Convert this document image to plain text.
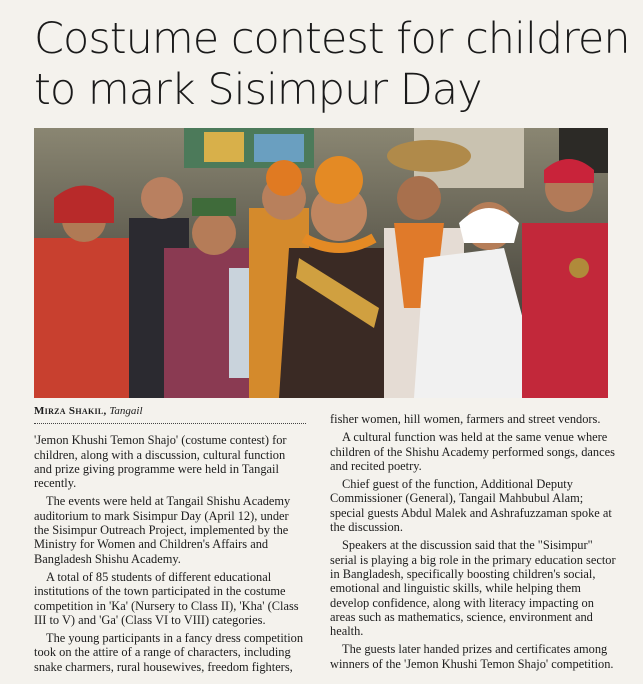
Costume contest for children
to mark Sisimpur Day
Mirza Shakil, Tangail

'Jemon Khushi Temon Shajo' (costume contest) for children, along with a discussion, cultural function and prize giving programme were held in Tangail recently.

The events were held at Tangail Shishu Academy auditorium to mark Sisimpur Day (April 12), under the Sisimpur Outreach Project, implemented by the Ministry for Women and Children's Affairs and Bangladesh Shishu Academy.

A total of 85 students of different educational institutions of the town participated in the costume competition in 'Ka' (Nursery to Class II), 'Kha' (Class III to V) and 'Ga' (Class VI to VIII) categories.

The young participants in a fancy dress competition took on the attire of a range of characters, including snake charmers, rural housewives, freedom fighters,

fisher women, hill women, farmers and street vendors.

A cultural function was held at the same venue where children of the Shishu Academy performed songs, dances and recited poetry.

Chief guest of the function, Additional Deputy Commissioner (General), Tangail Mahbubul Alam; special guests Abdul Malek and Ashrafuzzaman spoke at the discussion.

Speakers at the discussion said that the "Sisimpur" serial is playing a big role in the primary education sector in Bangladesh, specifically boosting children's social, emotional and linguistic skills, while helping them develop confidence, along with literacy impacting on areas such as mathematics, science, environment and health.

The guests later handed prizes and certificates among winners of the 'Jemon Khushi Temon Shajo' competition.
